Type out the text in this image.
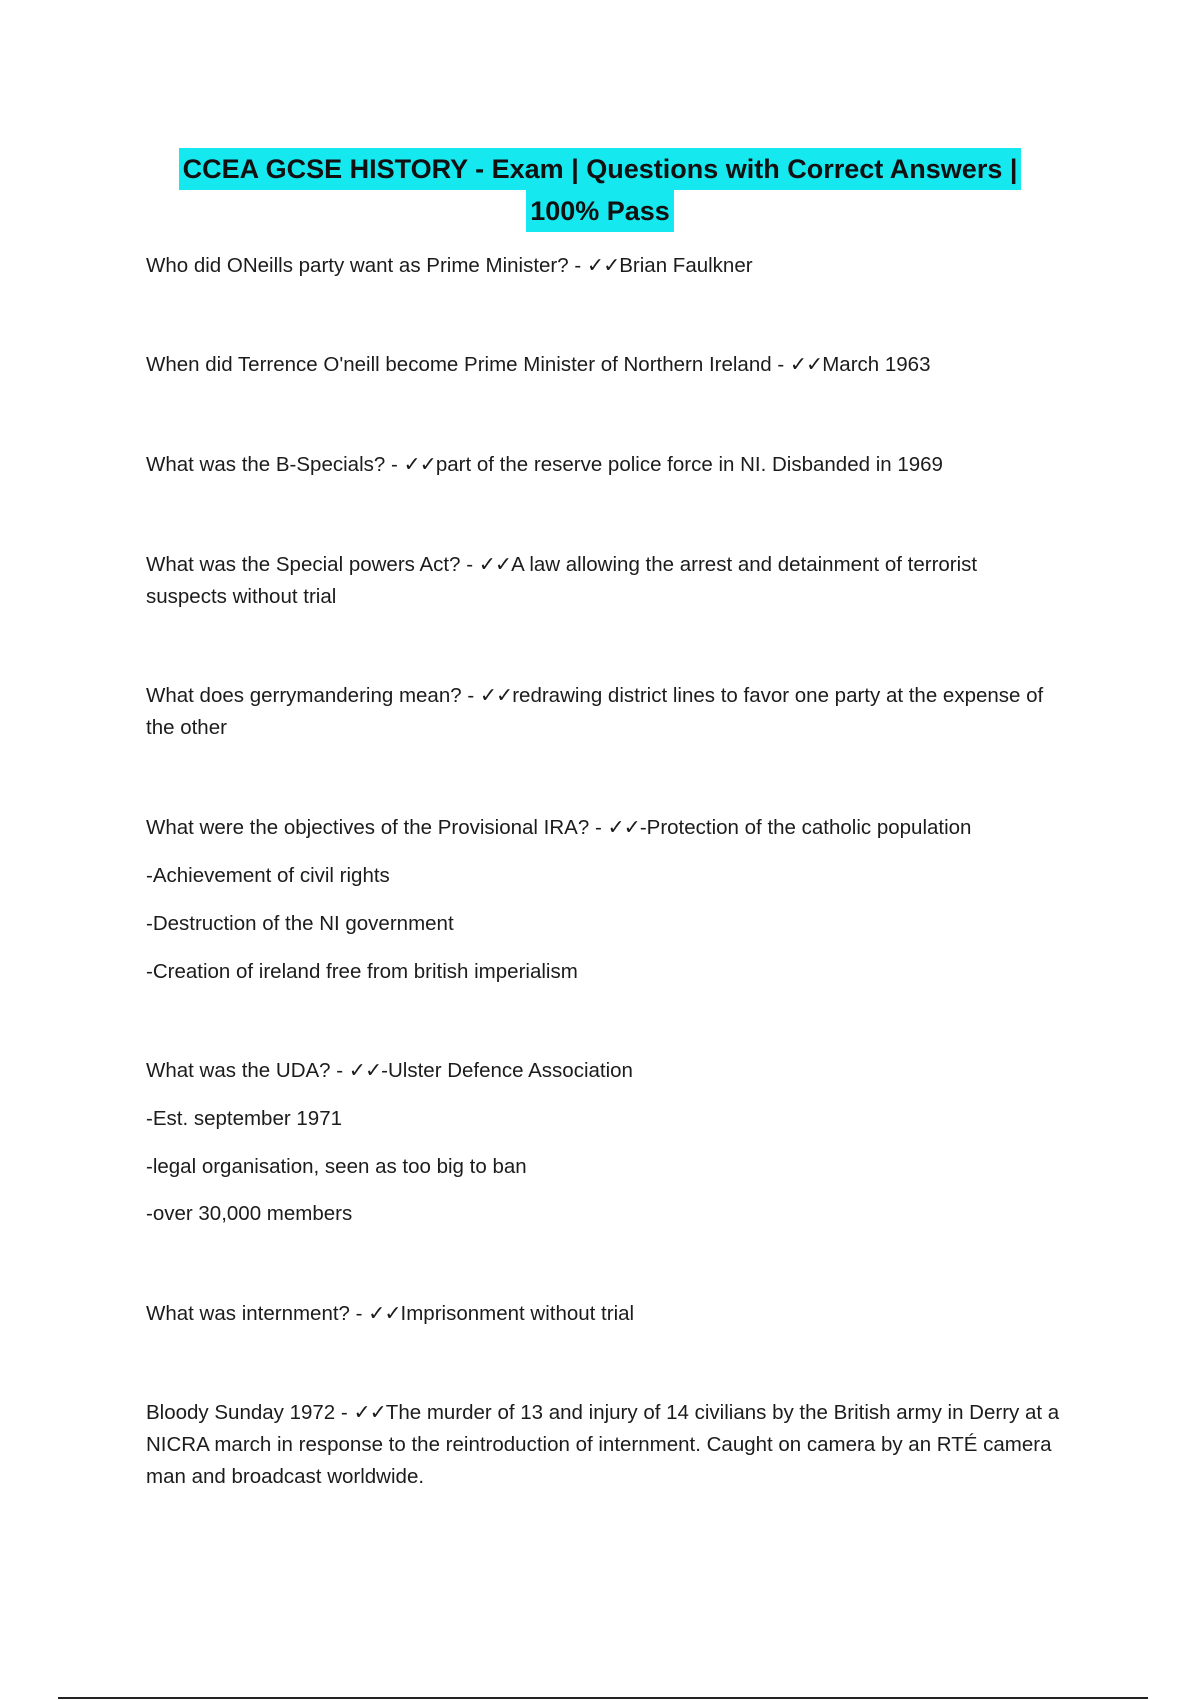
CCEA GCSE HISTORY - Exam | Questions with Correct Answers |
100% Pass

Who did ONeills party want as Prime Minister? - ✓✓Brian Faulkner

When did Terrence O'neill become Prime Minister of Northern Ireland - ✓✓March 1963

What was the B-Specials? - ✓✓part of the reserve police force in NI. Disbanded in 1969

What was the Special powers Act? - ✓✓A law allowing the arrest and detainment of terrorist suspects without trial

What does gerrymandering mean? - ✓✓redrawing district lines to favor one party at the expense of the other

What were the objectives of the Provisional IRA? - ✓✓-Protection of the catholic population

-Achievement of civil rights

-Destruction of the NI government

-Creation of ireland free from british imperialism

What was the UDA? - ✓✓-Ulster Defence Association

-Est. september 1971

-legal organisation, seen as too big to ban

-over 30,000 members

What was internment? - ✓✓Imprisonment without trial

Bloody Sunday 1972 - ✓✓The murder of 13 and injury of 14 civilians by the British army in Derry at a NICRA march in response to the reintroduction of internment. Caught on camera by an RTÉ camera man and broadcast worldwide.
